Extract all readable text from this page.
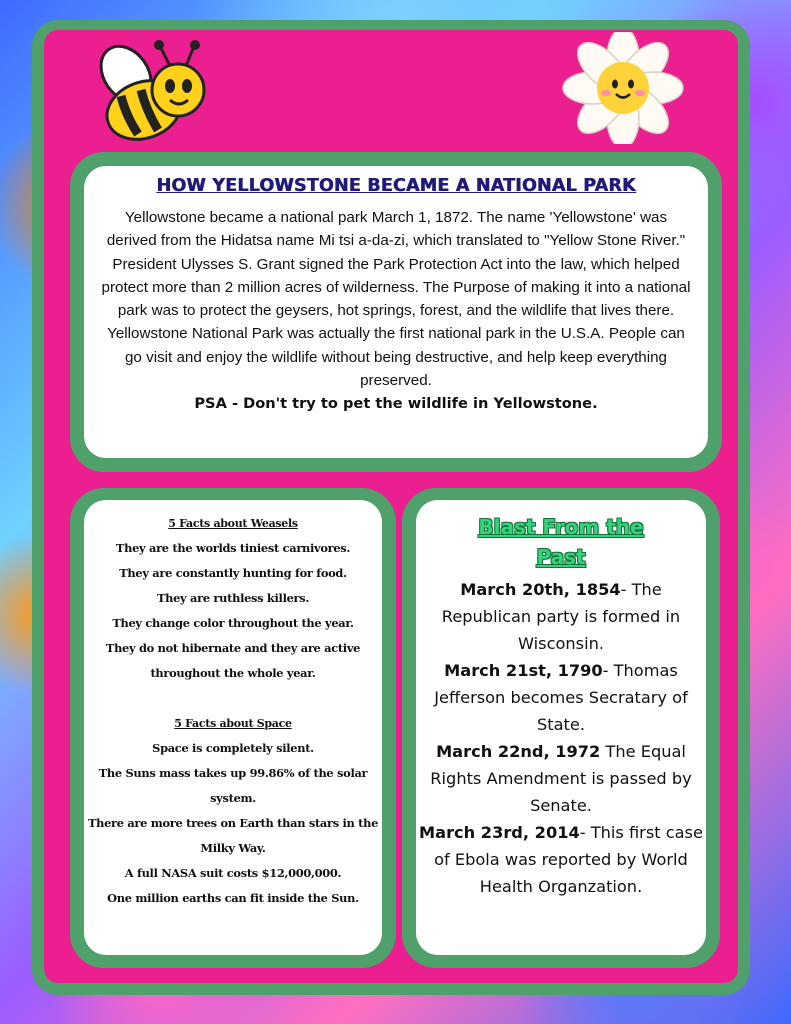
HOW YELLOWSTONE BECAME A NATIONAL PARK
Yellowstone became a national park March 1, 1872. The name 'Yellowstone' was derived from the Hidatsa name Mi tsi a-da-zi, which translated to "Yellow Stone River." President Ulysses S. Grant signed the Park Protection Act into the law, which helped protect more than 2 million acres of wilderness. The Purpose of making it into a national park was to protect the geysers, hot springs, forest, and the wildlife that lives there. Yellowstone National Park was actually the first national park in the U.S.A. People can go visit and enjoy the wildlife without being destructive, and help keep everything preserved.
PSA - Don't try to pet the wildlife in Yellowstone.
5 Facts about Weasels
They are the worlds tiniest carnivores.
They are constantly hunting for food.
They are ruthless killers.
They change color throughout the year.
They do not hibernate and they are active throughout the whole year.
5 Facts about Space
Space is completely silent.
The Suns mass takes up 99.86% of the solar system.
There are more trees on Earth than stars in the Milky Way.
A full NASA suit costs $12,000,000.
One million earths can fit inside the Sun.
Blast From the Past
March 20th, 1854- The Republican party is formed in Wisconsin.
March 21st, 1790- Thomas Jefferson becomes Secratary of State.
March 22nd, 1972 The Equal Rights Amendment is passed by Senate.
March 23rd, 2014- This first case of Ebola was reported by World Health Organzation.
